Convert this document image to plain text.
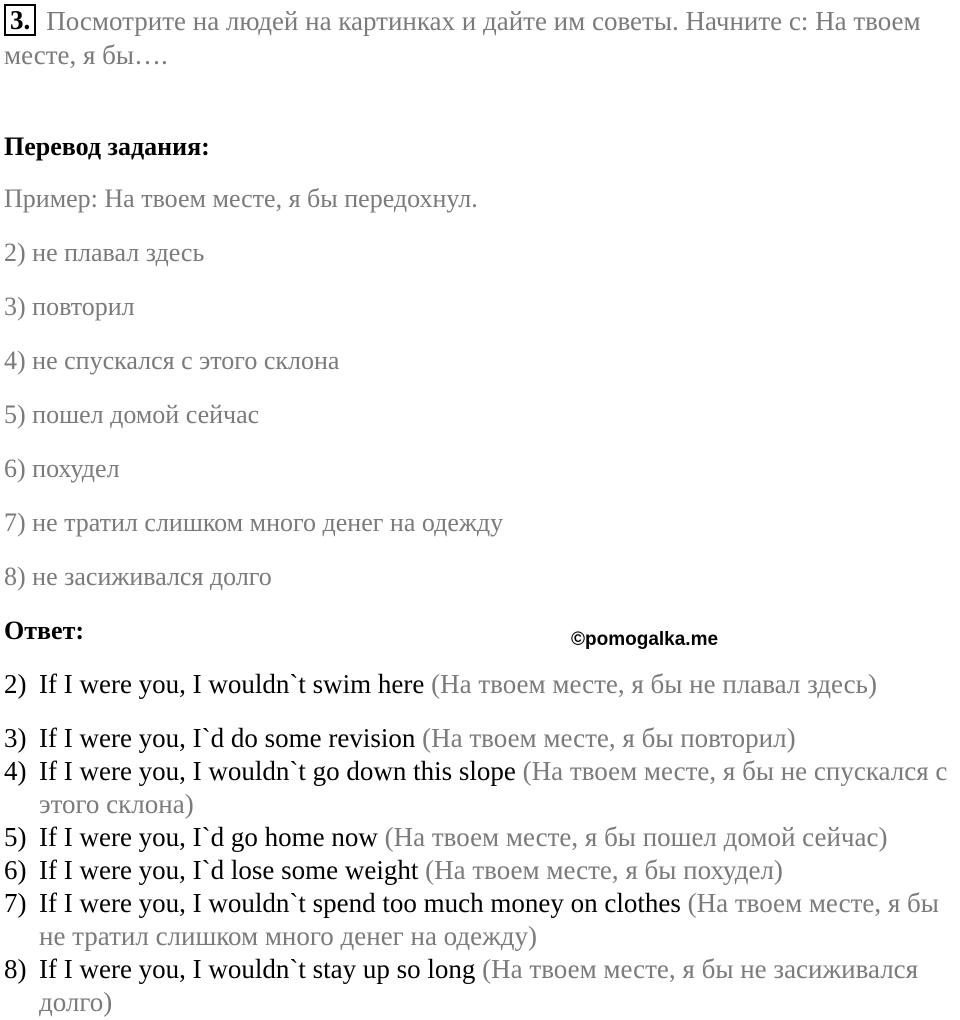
3. Посмотрите на людей на картинках и дайте им советы. Начните с: На твоем месте, я бы….
Перевод задания:
Пример: На твоем месте, я бы передохнул.
2) не плавал здесь
3) повторил
4) не спускался с этого склона
5) пошел домой сейчас
6) похудел
7) не тратил слишком много денег на одежду
8) не засиживался долго
Ответ:	©pomogalka.me
2) If I were you, I wouldn`t swim here (На твоем месте, я бы не плавал здесь)
3) If I were you, I`d do some revision (На твоем месте, я бы повторил)
4) If I were you, I wouldn`t go down this slope (На твоем месте, я бы не спускался с этого склона)
5) If I were you, I`d go home now (На твоем месте, я бы пошел домой сейчас)
6) If I were you, I`d lose some weight (На твоем месте, я бы похудел)
7) If I were you, I wouldn`t spend too much money on clothes (На твоем месте, я бы не тратил слишком много денег на одежду)
8) If I were you, I wouldn`t stay up so long (На твоем месте, я бы не засиживался долго)
